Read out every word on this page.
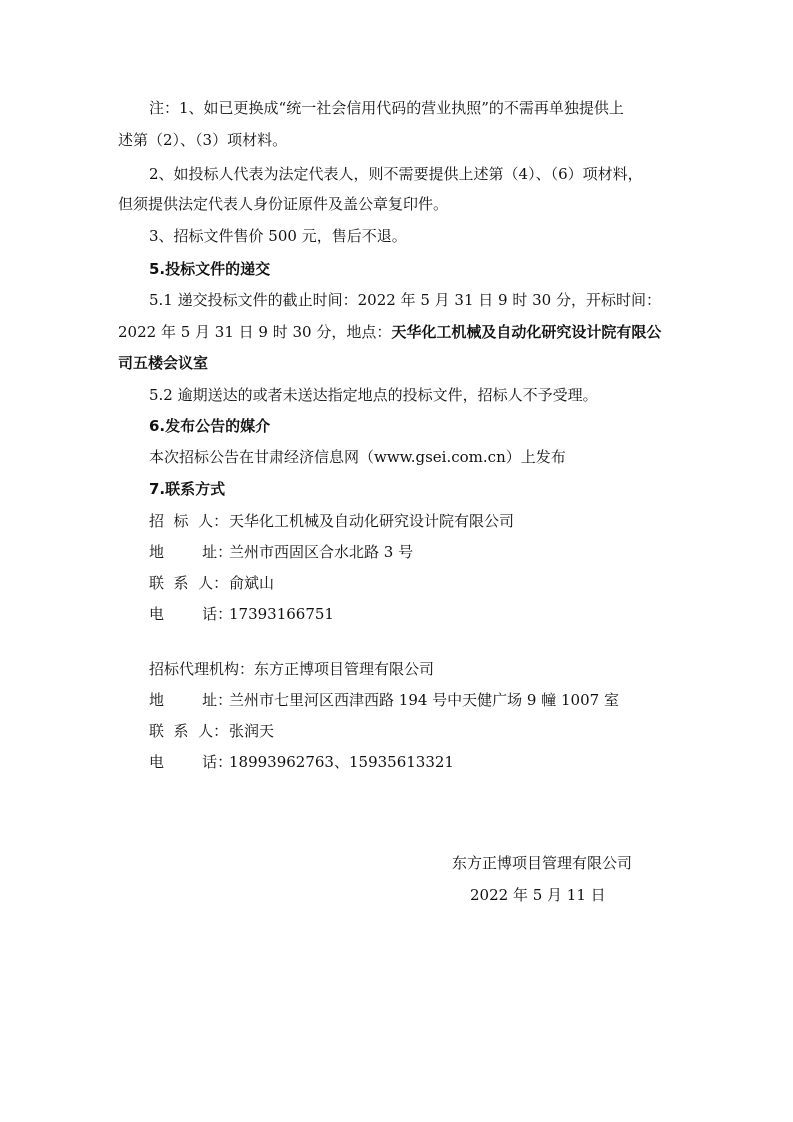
注：1、如已更换成“统一社会信用代码的营业执照”的不需再单独提供上
述第（2）、（3）项材料。
2、如投标人代表为法定代表人，则不需要提供上述第（4）、（6）项材料，
但须提供法定代表人身份证原件及盖公章复印件。
3、招标文件售价 500 元，售后不退。
5.投标文件的递交
5.1 递交投标文件的截止时间：2022 年 5 月 31 日 9 时 30 分，开标时间：
2022 年 5 月 31 日 9 时 30 分，地点：天华化工机械及自动化研究设计院有限公
司五楼会议室
5.2 逾期送达的或者未送达指定地点的投标文件，招标人不予受理。
6.发布公告的媒介
本次招标公告在甘肃经济信息网（www.gsei.com.cn）上发布
7.联系方式
招  标  人：天华化工机械及自动化研究设计院有限公司
地        址：兰州市西固区合水北路 3 号
联  系  人：俞斌山
电        话：17393166751
招标代理机构：东方正博项目管理有限公司
地        址：兰州市七里河区西津西路 194 号中天健广场 9 幢 1007 室
联  系  人：张润天
电        话：18993962763、15935613321
东方正博项目管理有限公司
2022 年 5 月 11 日
